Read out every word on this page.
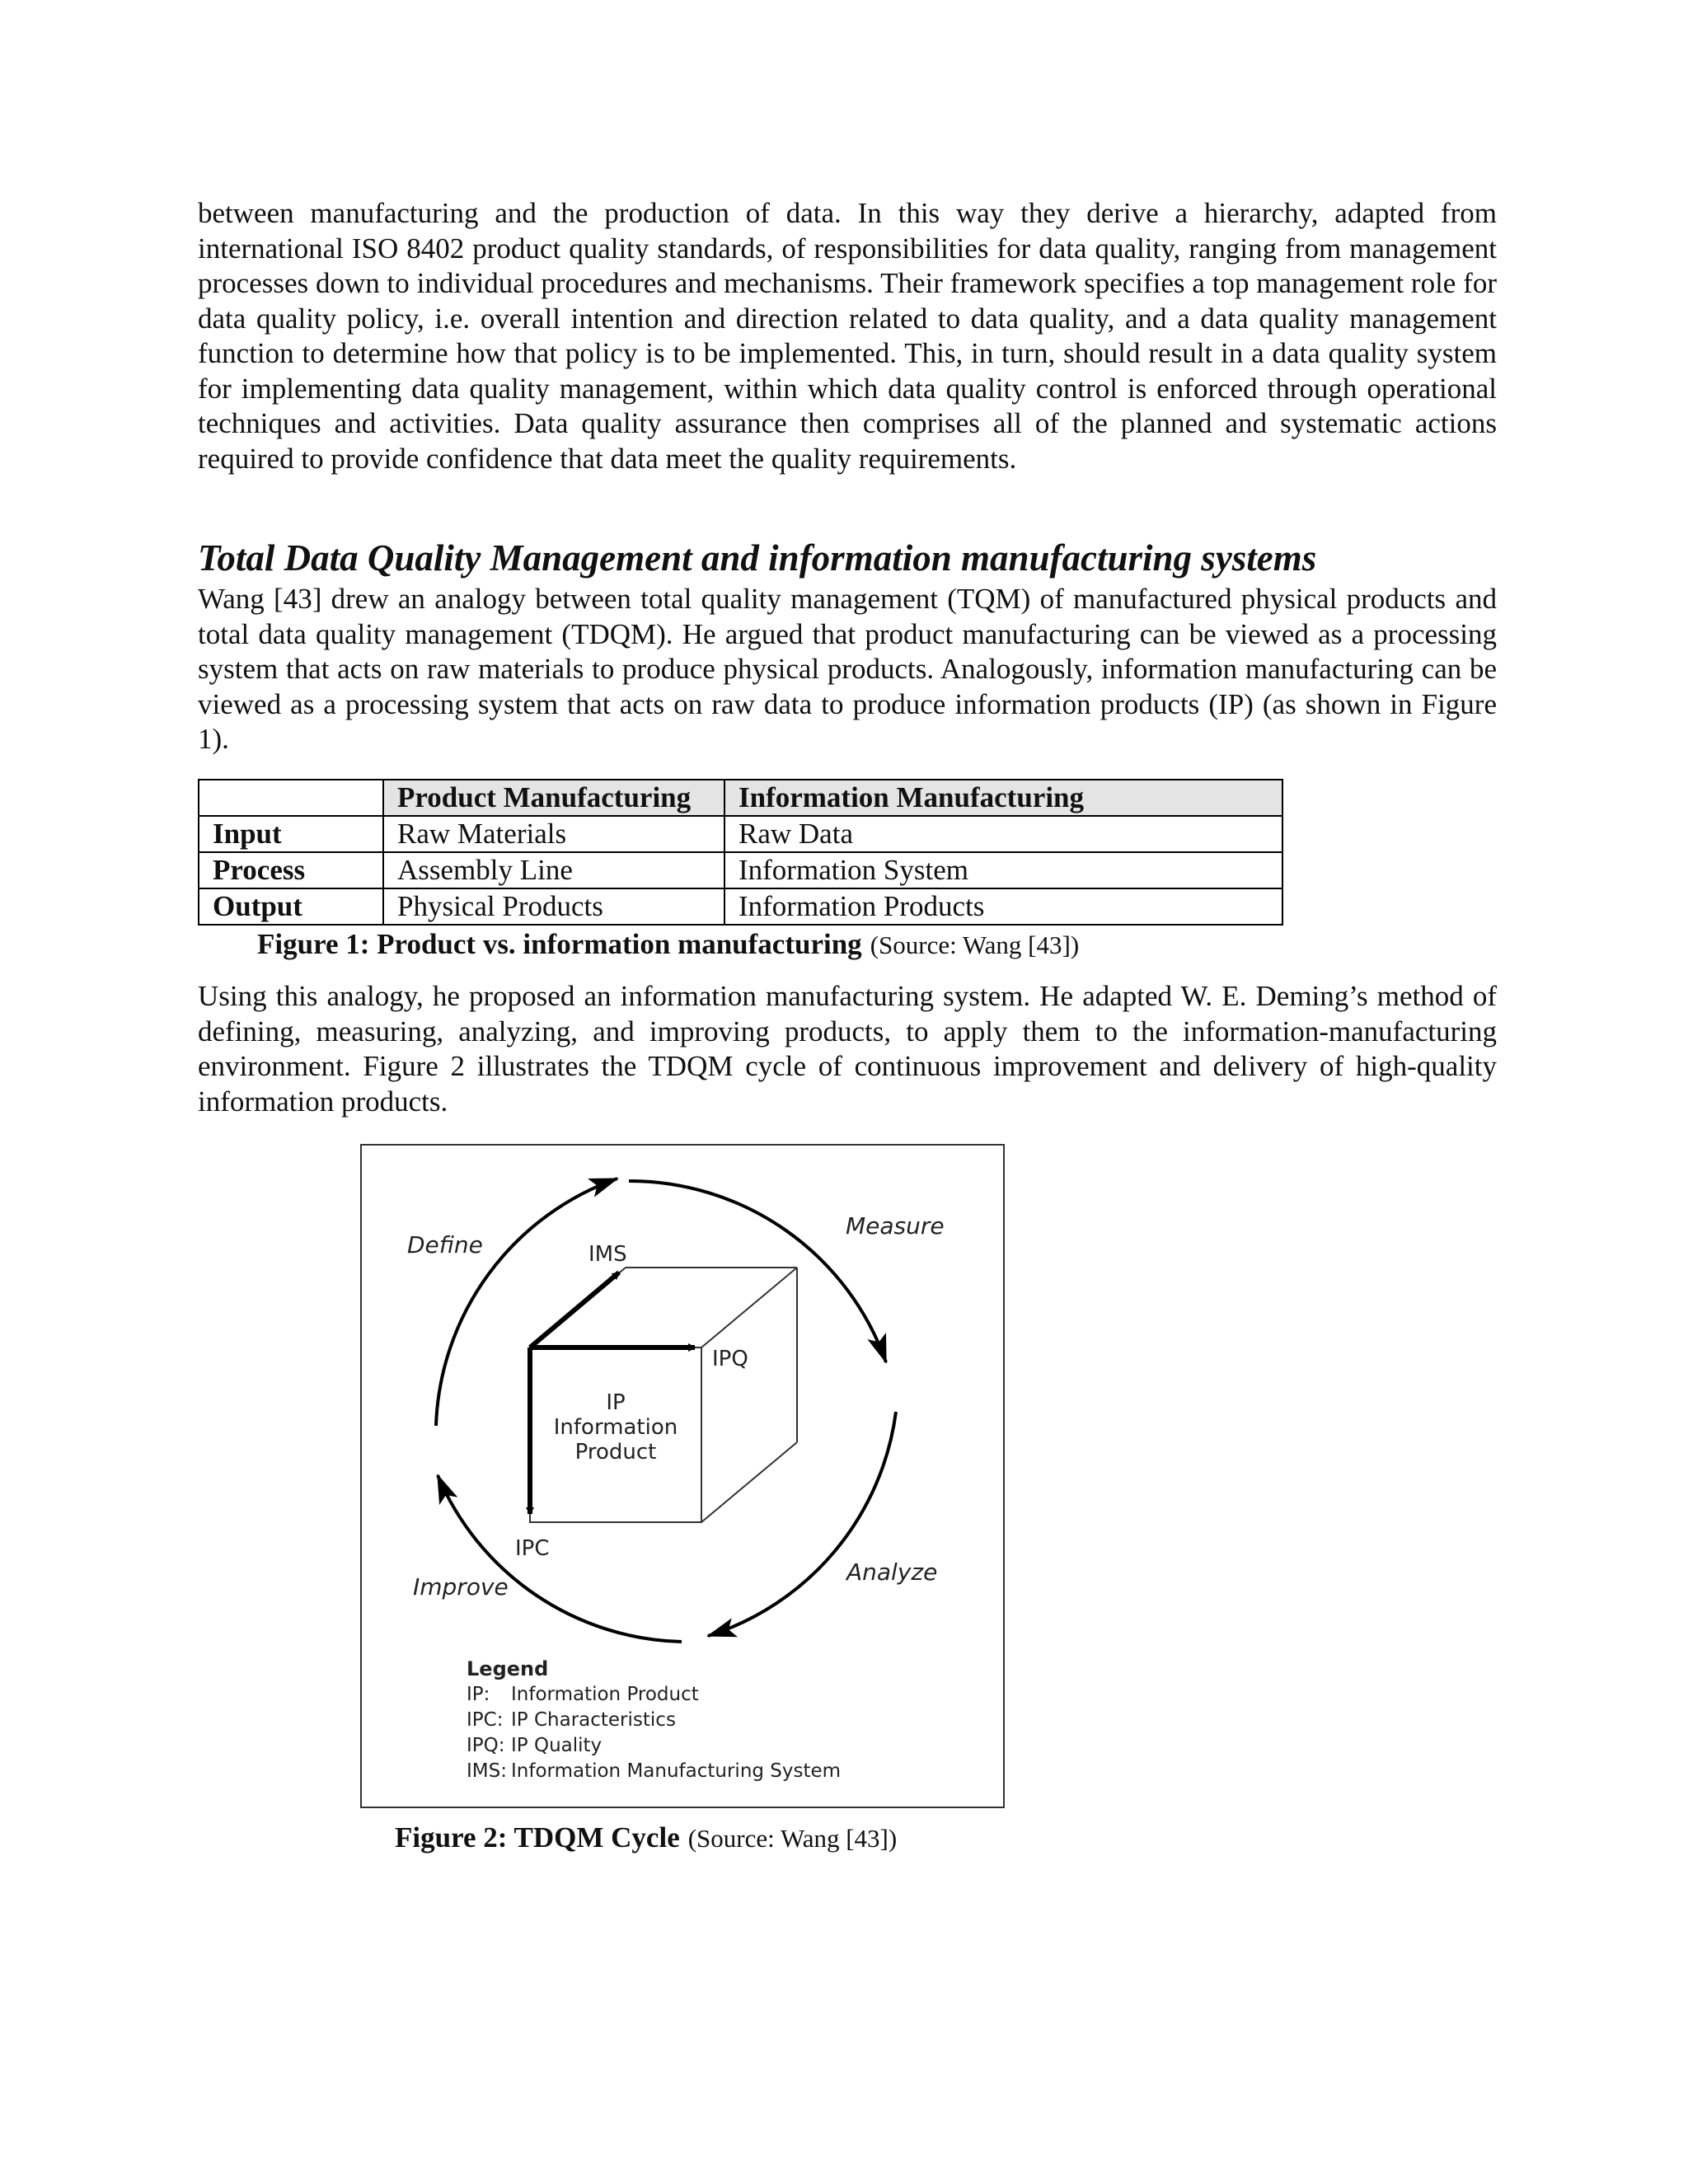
between manufacturing and the production of data. In this way they derive a hierarchy, adapted from international ISO 8402 product quality standards, of responsibilities for data quality, ranging from management processes down to individual procedures and mechanisms. Their framework specifies a top management role for data quality policy, i.e. overall intention and direction related to data quality, and a data quality management function to determine how that policy is to be implemented. This, in turn, should result in a data quality system for implementing data quality management, within which data quality control is enforced through operational techniques and activities. Data quality assurance then comprises all of the planned and systematic actions required to provide confidence that data meet the quality requirements.

Total Data Quality Management and information manufacturing systems

Wang [43] drew an analogy between total quality management (TQM) of manufactured physical products and total data quality management (TDQM). He argued that product manufacturing can be viewed as a processing system that acts on raw materials to produce physical products. Analogously, information manufacturing can be viewed as a processing system that acts on raw data to produce information products (IP) (as shown in Figure 1).

	Product Manufacturing	Information Manufacturing
Input	Raw Materials	Raw Data
Process	Assembly Line	Information System
Output	Physical Products	Information Products

Figure 1: Product vs. information manufacturing (Source: Wang [43])

Using this analogy, he proposed an information manufacturing system. He adapted W. E. Deming’s method of defining, measuring, analyzing, and improving products, to apply them to the information-manufacturing environment. Figure 2 illustrates the TDQM cycle of continuous improvement and delivery of high-quality information products.

Define
Measure
Analyze
Improve
IMS
IPQ
IPC
IP
Information
Product
Legend
IP: Information Product
IPC: IP Characteristics
IPQ: IP Quality
IMS: Information Manufacturing System

Figure 2: TDQM Cycle (Source: Wang [43])
